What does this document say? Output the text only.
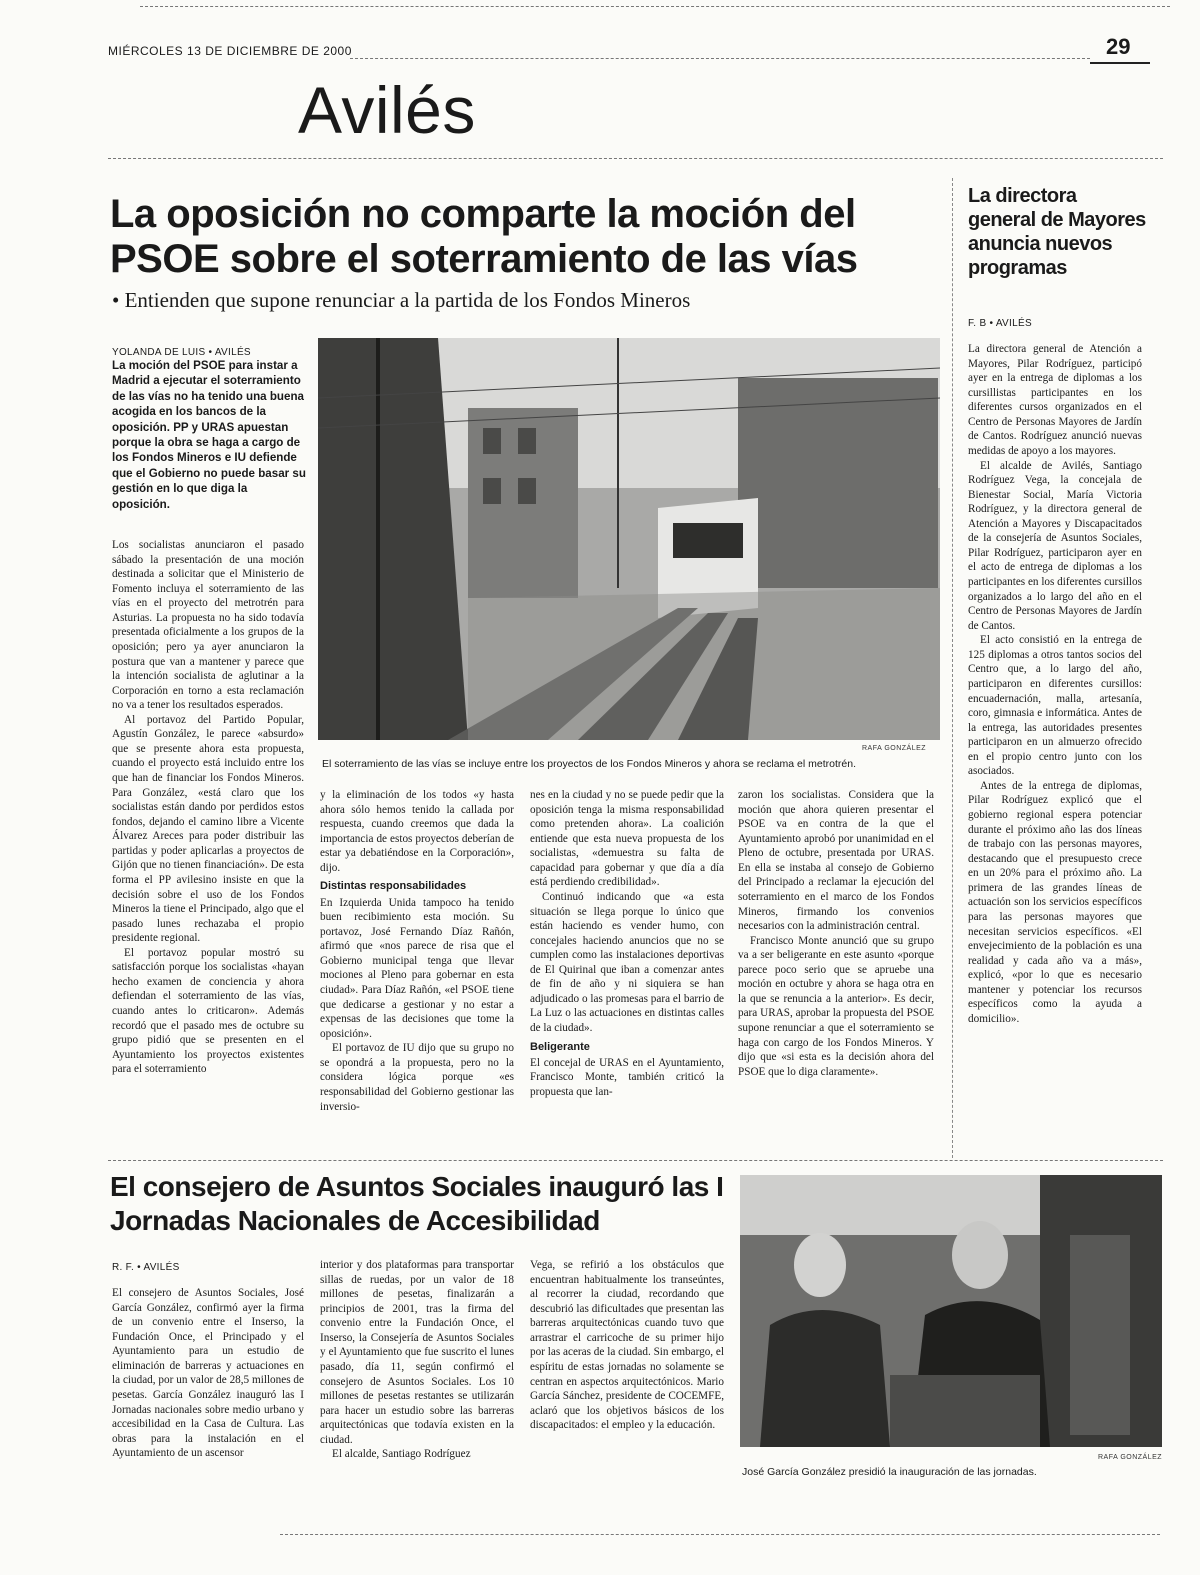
MIÉRCOLES 13 DE DICIEMBRE DE 2000	29
Avilés
La oposición no comparte la moción del PSOE sobre el soterramiento de las vías
• Entienden que supone renunciar a la partida de los Fondos Mineros
YOLANDA DE LUIS • AVILÉS
La moción del PSOE para instar a Madrid a ejecutar el soterramiento de las vías no ha tenido una buena acogida en los bancos de la oposición. PP y URAS apuestan porque la obra se haga a cargo de los Fondos Mineros e IU defiende que el Gobierno no puede basar su gestión en lo que diga la oposición.
RAFA GONZÁLEZ
El soterramiento de las vías se incluye entre los proyectos de los Fondos Mineros y ahora se reclama el metrotrén.

Los socialistas anunciaron el pasado sábado la presentación de una moción destinada a solicitar que el Ministerio de Fomento incluya el soterramiento de las vías en el proyecto del metrotrén para Asturias. La propuesta no ha sido todavía presentada oficialmente a los grupos de la oposición; pero ya ayer anunciaron la postura que van a mantener y parece que la intención socialista de aglutinar a la Corporación en torno a esta reclamación no va a tener los resultados esperados.

Al portavoz del Partido Popular, Agustín González, le parece «absurdo» que se presente ahora esta propuesta, cuando el proyecto está incluido entre los que han de financiar los Fondos Mineros. Para González, «está claro que los socialistas están dando por perdidos estos fondos, dejando el camino libre a Vicente Álvarez Areces para poder distribuir las partidas y poder aplicarlas a proyectos de Gijón que no tienen financiación». De esta forma el PP avilesino insiste en que la decisión sobre el uso de los Fondos Mineros la tiene el Principado, algo que el pasado lunes rechazaba el propio presidente regional.

El portavoz popular mostró su satisfacción porque los socialistas «hayan hecho examen de conciencia y ahora defiendan el soterramiento de las vías, cuando antes lo criticaron». Además recordó que el pasado mes de octubre su grupo pidió que se presenten en el Ayuntamiento los proyectos existentes para el soterramiento

y la eliminación de los todos «y hasta ahora sólo hemos tenido la callada por respuesta, cuando creemos que dada la importancia de estos proyectos deberían de estar ya debatiéndose en la Corporación», dijo.

Distintas responsabilidades

En Izquierda Unida tampoco ha tenido buen recibimiento esta moción. Su portavoz, José Fernando Díaz Rañón, afirmó que «nos parece de risa que el Gobierno municipal tenga que llevar mociones al Pleno para gobernar en esta ciudad». Para Díaz Rañón, «el PSOE tiene que dedicarse a gestionar y no estar a expensas de las decisiones que tome la oposición».

El portavoz de IU dijo que su grupo no se opondrá a la propuesta, pero no la considera lógica porque «es responsabilidad del Gobierno gestionar las inversio-

nes en la ciudad y no se puede pedir que la oposición tenga la misma responsabilidad como pretenden ahora». La coalición entiende que esta nueva propuesta de los socialistas, «demuestra su falta de capacidad para gobernar y que día a día está perdiendo credibilidad».

Continuó indicando que «a esta situación se llega porque lo único que están haciendo es vender humo, con concejales haciendo anuncios que no se cumplen como las instalaciones deportivas de El Quirinal que iban a comenzar antes de fin de año y ni siquiera se han adjudicado o las promesas para el barrio de La Luz o las actuaciones en distintas calles de la ciudad».

Beligerante

El concejal de URAS en el Ayuntamiento, Francisco Monte, también criticó la propuesta que lan-

zaron los socialistas. Considera que la moción que ahora quieren presentar el PSOE va en contra de la que el Ayuntamiento aprobó por unanimidad en el Pleno de octubre, presentada por URAS. En ella se instaba al consejo de Gobierno del Principado a reclamar la ejecución del soterramiento en el marco de los Fondos Mineros, firmando los convenios necesarios con la administración central.

Francisco Monte anunció que su grupo va a ser beligerante en este asunto «porque parece poco serio que se apruebe una moción en octubre y ahora se haga otra en la que se renuncia a la anterior». Es decir, para URAS, aprobar la propuesta del PSOE supone renunciar a que el soterramiento se haga con cargo de los Fondos Mineros. Y dijo que «si esta es la decisión ahora del PSOE que lo diga claramente».

La directora general de Mayores anuncia nuevos programas
F. B • AVILÉS

La directora general de Atención a Mayores, Pilar Rodríguez, participó ayer en la entrega de diplomas a los cursillistas participantes en los diferentes cursos organizados en el Centro de Personas Mayores de Jardín de Cantos. Rodríguez anunció nuevas medidas de apoyo a los mayores.

El alcalde de Avilés, Santiago Rodríguez Vega, la concejala de Bienestar Social, María Victoria Rodríguez, y la directora general de Atención a Mayores y Discapacitados de la consejería de Asuntos Sociales, Pilar Rodríguez, participaron ayer en el acto de entrega de diplomas a los participantes en los diferentes cursillos organizados a lo largo del año en el Centro de Personas Mayores de Jardín de Cantos.

El acto consistió en la entrega de 125 diplomas a otros tantos socios del Centro que, a lo largo del año, participaron en diferentes cursillos: encuadernación, malla, artesanía, coro, gimnasia e informática. Antes de la entrega, las autoridades presentes participaron en un almuerzo ofrecido en el propio centro junto con los asociados.

Antes de la entrega de diplomas, Pilar Rodríguez explicó que el gobierno regional espera potenciar durante el próximo año las dos líneas de trabajo con las personas mayores, destacando que el presupuesto crece en un 20% para el próximo año. La primera de las grandes líneas de actuación son los servicios específicos para las personas mayores que necesitan servicios específicos. «El envejecimiento de la población es una realidad y cada año va a más», explicó, «por lo que es necesario mantener y potenciar los recursos específicos como la ayuda a domicilio».

El consejero de Asuntos Sociales inauguró las I Jornadas Nacionales de Accesibilidad
R. F. • AVILÉS

El consejero de Asuntos Sociales, José García González, confirmó ayer la firma de un convenio entre el Inserso, la Fundación Once, el Principado y el Ayuntamiento para un estudio de eliminación de barreras y actuaciones en la ciudad, por un valor de 28,5 millones de pesetas. García González inauguró las I Jornadas nacionales sobre medio urbano y accesibilidad en la Casa de Cultura. Las obras para la instalación en el Ayuntamiento de un ascensor

interior y dos plataformas para transportar sillas de ruedas, por un valor de 18 millones de pesetas, finalizarán a principios de 2001, tras la firma del convenio entre la Fundación Once, el Inserso, la Consejería de Asuntos Sociales y el Ayuntamiento que fue suscrito el lunes pasado, día 11, según confirmó el consejero de Asuntos Sociales. Los 10 millones de pesetas restantes se utilizarán para hacer un estudio sobre las barreras arquitectónicas que todavía existen en la ciudad.

El alcalde, Santiago Rodríguez

Vega, se refirió a los obstáculos que encuentran habitualmente los transeúntes, al recorrer la ciudad, recordando que descubrió las dificultades que presentan las barreras arquitectónicas cuando tuvo que arrastrar el carricoche de su primer hijo por las aceras de la ciudad. Sin embargo, el espíritu de estas jornadas no solamente se centran en aspectos arquitectónicos. Mario García Sánchez, presidente de COCEMFE, aclaró que los objetivos básicos de los discapacitados: el empleo y la educación.

RAFA GONZÁLEZ
José García González presidió la inauguración de las jornadas.
